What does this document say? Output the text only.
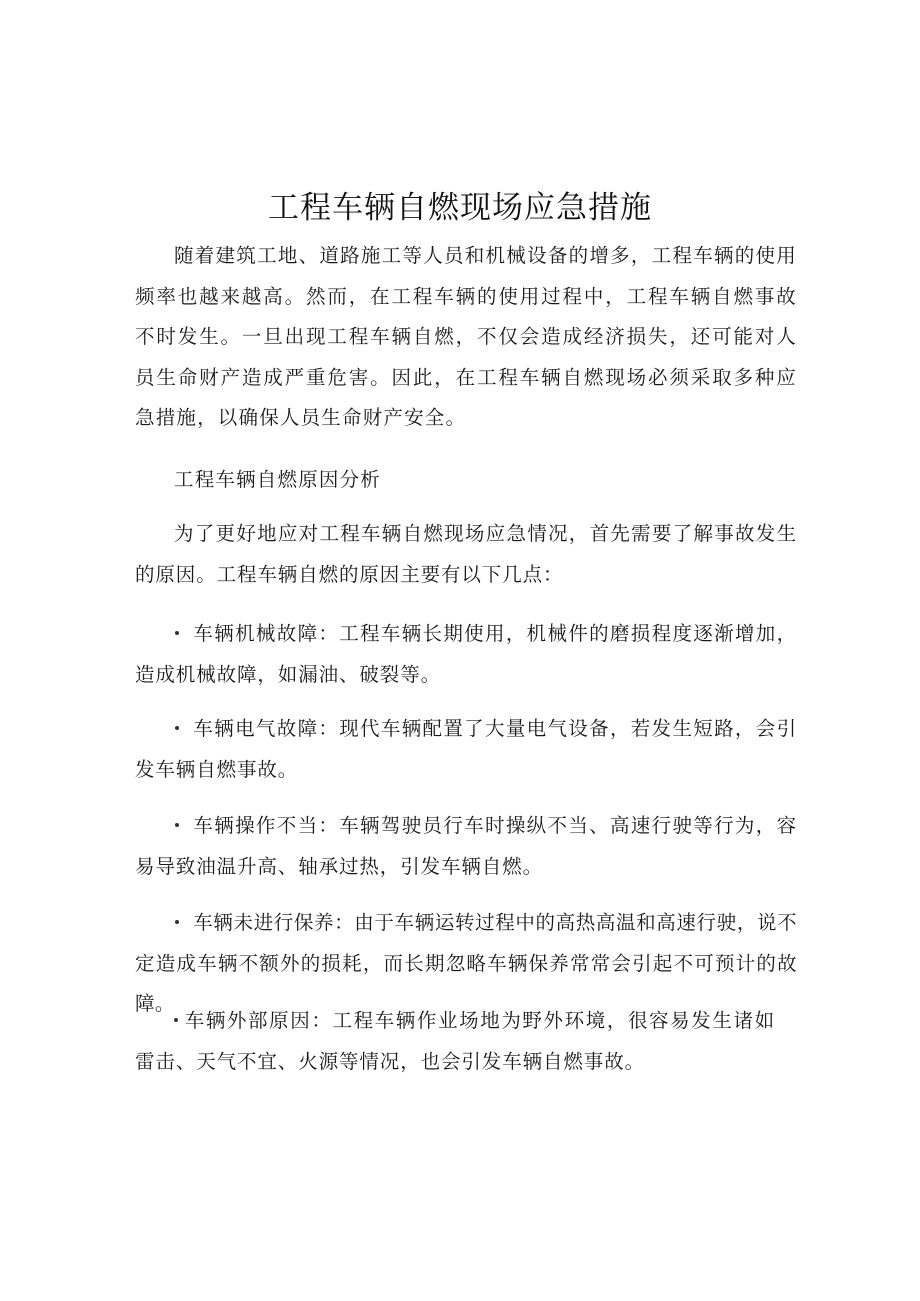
工程车辆自燃现场应急措施

随着建筑工地、道路施工等人员和机械设备的增多，工程车辆的使用频率也越来越高。然而，在工程车辆的使用过程中，工程车辆自燃事故不时发生。一旦出现工程车辆自燃，不仅会造成经济损失，还可能对人员生命财产造成严重危害。因此，在工程车辆自燃现场必须采取多种应急措施，以确保人员生命财产安全。

工程车辆自燃原因分析

为了更好地应对工程车辆自燃现场应急情况，首先需要了解事故发生的原因。工程车辆自燃的原因主要有以下几点：

车辆机械故障：工程车辆长期使用，机械件的磨损程度逐渐增加，造成机械故障，如漏油、破裂等。

车辆电气故障：现代车辆配置了大量电气设备，若发生短路，会引发车辆自燃事故。

车辆操作不当：车辆驾驶员行车时操纵不当、高速行驶等行为，容易导致油温升高、轴承过热，引发车辆自燃。

车辆未进行保养：由于车辆运转过程中的高热高温和高速行驶，说不定造成车辆不额外的损耗，而长期忽略车辆保养常常会引起不可预计的故障。

车辆外部原因：工程车辆作业场地为野外环境，很容易发生诸如雷击、天气不宜、火源等情况，也会引发车辆自燃事故。
